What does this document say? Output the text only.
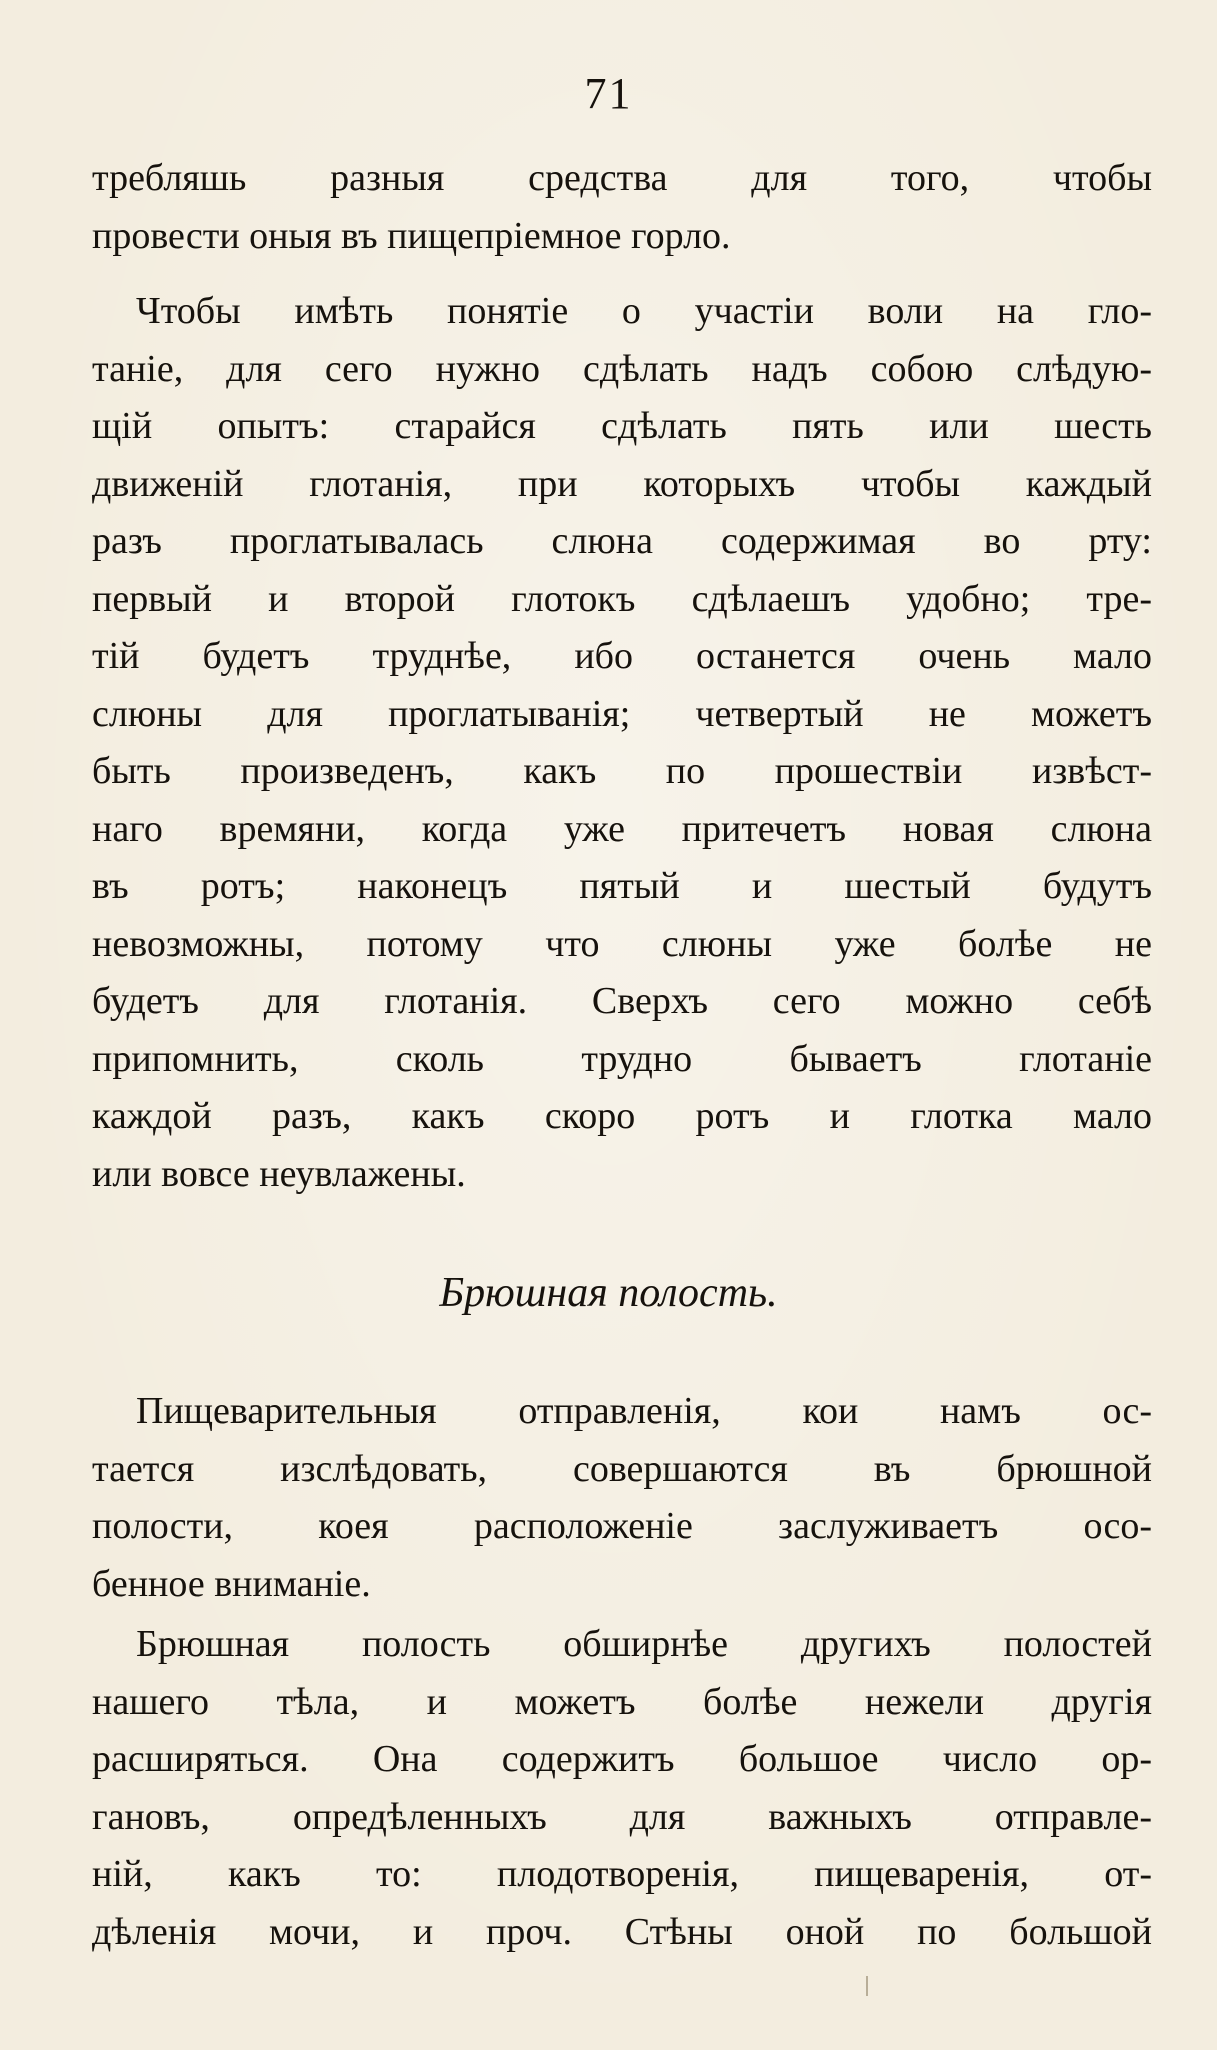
71
требляшь разныя средства для того, чтобы
провести оныя въ пищепріемное горло.
Чтобы имѣть понятіе о участіи воли на гло-
таніе, для сего нужно сдѣлать надъ собою слѣдую-
щій опытъ: старайся сдѣлать пять или шесть
движеній глотанія, при которыхъ чтобы каждый
разъ проглатывалась слюна содержимая во рту:
первый и второй глотокъ сдѣлаешъ удобно; тре-
тій будетъ труднѣе, ибо останется очень мало
слюны для проглатыванія; четвертый не можетъ
быть произведенъ, какъ по прошествіи извѣст-
наго времяни, когда уже притечетъ новая слюна
въ ротъ; наконецъ пятый и шестый будутъ
невозможны, потому что слюны уже болѣе не
будетъ для глотанія. Сверхъ сего можно себѣ
припомнить, сколь трудно бываетъ глотаніе
каждой разъ, какъ скоро ротъ и глотка мало
или вовсе неувлажены.
Брюшная полость.
Пищеварительныя отправленія, кои намъ ос-
тается изслѣдовать, совершаются въ брюшной
полости, коея расположеніе заслуживаетъ осо-
бенное вниманіе.
Брюшная полость обширнѣе другихъ полостей
нашего тѣла, и можетъ болѣе нежели другія
расширяться. Она содержитъ большое число ор-
гановъ, опредѣленныхъ для важныхъ отправле-
ній, какъ то: плодотворенія, пищеваренія, от-
дѣленія мочи, и проч. Стѣны оной по большой
